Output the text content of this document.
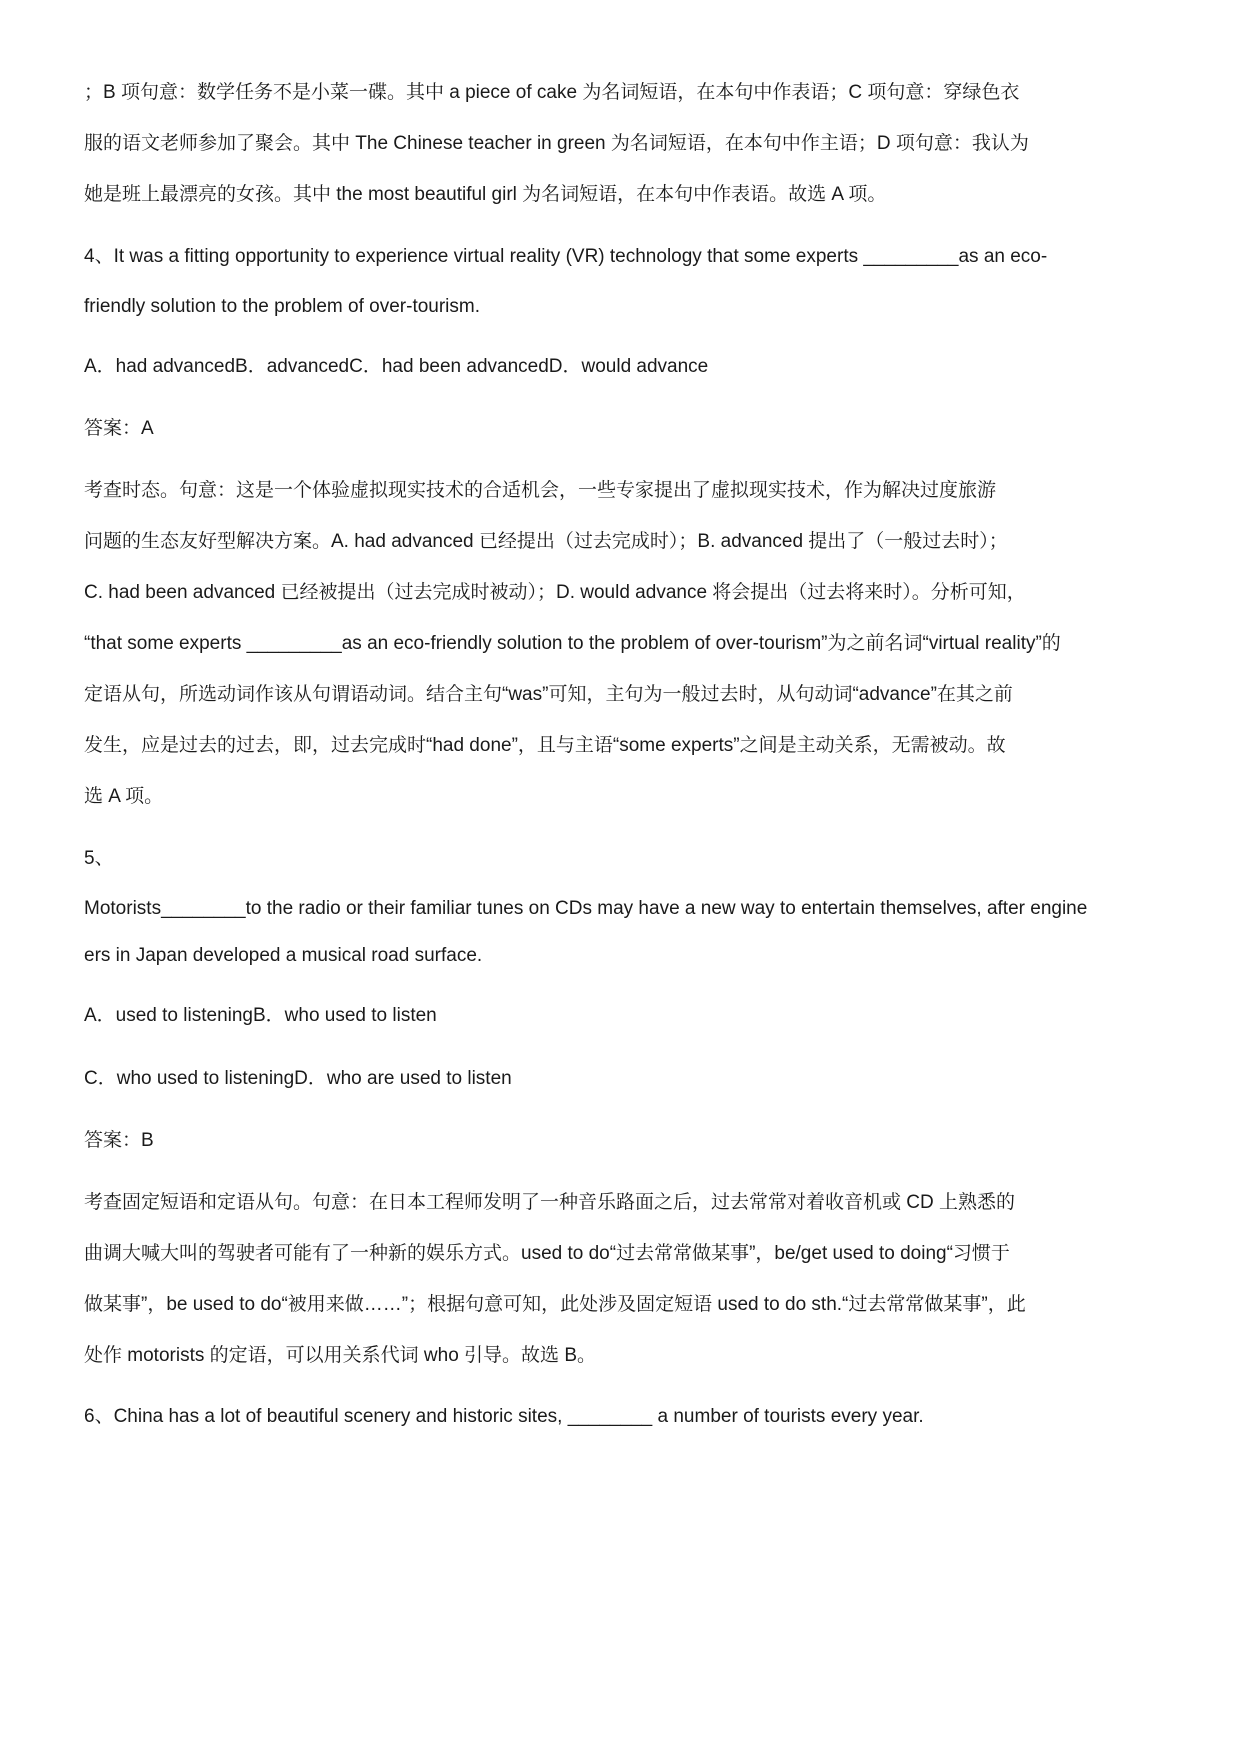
；B 项句意：数学任务不是小菜一碟。其中 a piece of cake 为名词短语，在本句中作表语；C 项句意：穿绿色衣
服的语文老师参加了聚会。其中 The Chinese teacher in green 为名词短语，在本句中作主语；D 项句意：我认为
她是班上最漂亮的女孩。其中 the most beautiful girl 为名词短语，在本句中作表语。故选 A 项。
4、It was a fitting opportunity to experience virtual reality (VR) technology that some experts _________as an eco-
friendly solution to the problem of over-tourism.
A．had advancedB．advancedC．had been advancedD．would advance
答案：A
考查时态。句意：这是一个体验虚拟现实技术的合适机会，一些专家提出了虚拟现实技术，作为解决过度旅游
问题的生态友好型解决方案。A. had advanced 已经提出（过去完成时）；B. advanced 提出了（一般过去时）；
C. had been advanced 已经被提出（过去完成时被动）；D. would advance 将会提出（过去将来时）。分析可知，
“that some experts _________as an eco-friendly solution to the problem of over-tourism”为之前名词“virtual reality”的
定语从句，所选动词作该从句谓语动词。结合主句“was”可知，主句为一般过去时，从句动词“advance”在其之前
发生，应是过去的过去，即，过去完成时“had done”，且与主语“some experts”之间是主动关系，无需被动。故
选 A 项。
5、
Motorists________to the radio or their familiar tunes on CDs may have a new way to entertain themselves, after engine
ers in Japan developed a musical road surface.
A．used to listeningB．who used to listen
C．who used to listeningD．who are used to listen
答案：B
考查固定短语和定语从句。句意：在日本工程师发明了一种音乐路面之后，过去常常对着收音机或 CD 上熟悉的
曲调大喊大叫的驾驶者可能有了一种新的娱乐方式。used to do“过去常常做某事”，be/get used to doing“习惯于
做某事”，be used to do“被用来做……”；根据句意可知，此处涉及固定短语 used to do sth.“过去常常做某事”，此
处作 motorists 的定语，可以用关系代词 who 引导。故选 B。
6、China has a lot of beautiful scenery and historic sites, ________ a number of tourists every year.
